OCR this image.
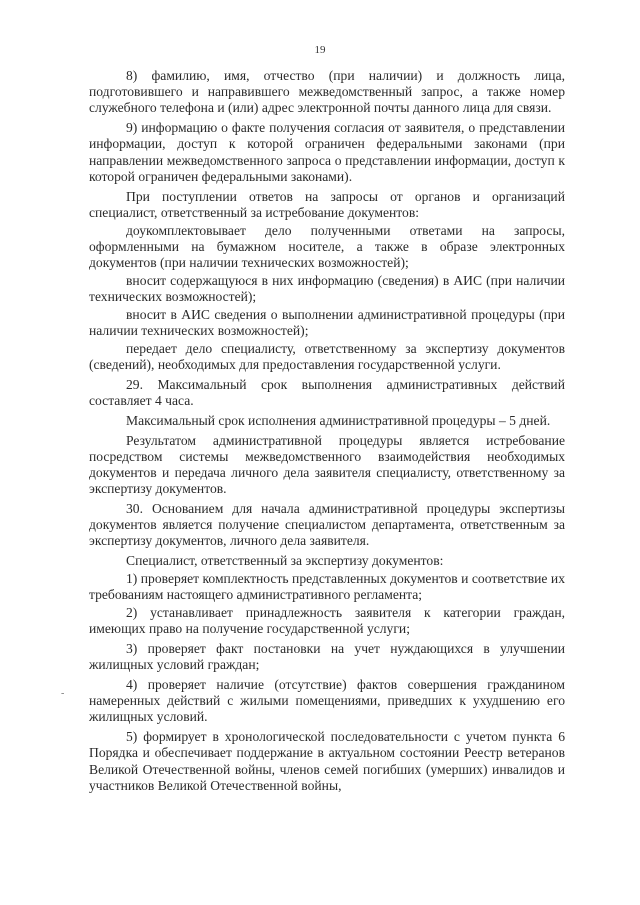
19
-

8) фамилию, имя, отчество (при наличии) и должность лица, подготовившего и направившего межведомственный запрос, а также номер служебного телефона и (или) адрес электронной почты данного лица для связи.

9) информацию о факте получения согласия от заявителя, о представлении информации, доступ к которой ограничен федеральными законами (при направлении межведомственного запроса о представлении информации, доступ к которой ограничен федеральными законами).

При поступлении ответов на запросы от органов и организаций специалист, ответственный за истребование документов:

доукомплектовывает дело полученными ответами на запросы, оформленными на бумажном носителе, а также в образе электронных документов (при наличии технических возможностей);

вносит содержащуюся в них информацию (сведения) в АИС (при наличии технических возможностей);

вносит в АИС сведения о выполнении административной процедуры (при наличии технических возможностей);

передает дело специалисту, ответственному за экспертизу документов (сведений), необходимых для предоставления государственной услуги.

29. Максимальный срок выполнения административных действий составляет 4 часа.

Максимальный срок исполнения административной процедуры – 5 дней.

Результатом административной процедуры является истребование посредством системы межведомственного взаимодействия необходимых документов и передача личного дела заявителя специалисту, ответственному за экспертизу документов.

30. Основанием для начала административной процедуры экспертизы документов является получение специалистом департамента, ответственным за экспертизу документов, личного дела заявителя.

Специалист, ответственный за экспертизу документов:

1) проверяет комплектность представленных документов и соответствие их требованиям настоящего административного регламента;

2) устанавливает принадлежность заявителя к категории граждан, имеющих право на получение государственной услуги;

3) проверяет факт постановки на учет нуждающихся в улучшении жилищных условий граждан;

4) проверяет наличие (отсутствие) фактов совершения гражданином намеренных действий с жилыми помещениями, приведших к ухудшению его жилищных условий.

5) формирует в хронологической последовательности с учетом пункта 6 Порядка и обеспечивает поддержание в актуальном состоянии Реестр ветеранов Великой Отечественной войны, членов семей погибших (умерших) инвалидов и участников Великой Отечественной войны,
